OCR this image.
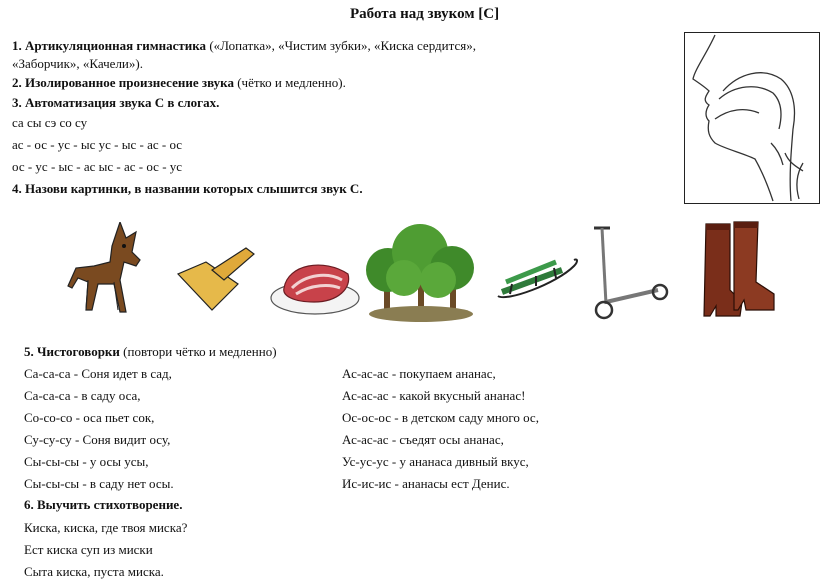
Работа над звуком [С]
1. Артикуляционная гимнастика («Лопатка», «Чистим зубки», «Киска сердится»,
«Заборчик», «Качели»).
2. Изолированное произнесение звука (чётко и медленно).
3. Автоматизация звука С в слогах.
са сы сэ со су
ас - ос - ус - ыс ус - ыс - ас - ос
ос - ус - ыс - ас ыс - ас - ос - ус
4. Назови картинки, в названии которых слышится звук С.
5. Чистоговорки (повтори чётко и медленно)
Са-са-са - Соня идет в сад,
Са-са-са - в саду оса,
Со-со-со - оса пьет сок,
Су-су-су - Соня видит осу,
Сы-сы-сы - у осы усы,
Сы-сы-сы - в саду нет осы.
Ас-ас-ас - покупаем ананас,
Ас-ас-ас - какой вкусный ананас!
Ос-ос-ос - в детском саду много ос,
Ас-ас-ас - съедят осы ананас,
Ус-ус-ус - у ананаса дивный вкус,
Ис-ис-ис - ананасы ест Денис.
6. Выучить стихотворение.
Киска, киска, где твоя миска?
Ест киска суп из миски
Сыта киска, пуста миска.
